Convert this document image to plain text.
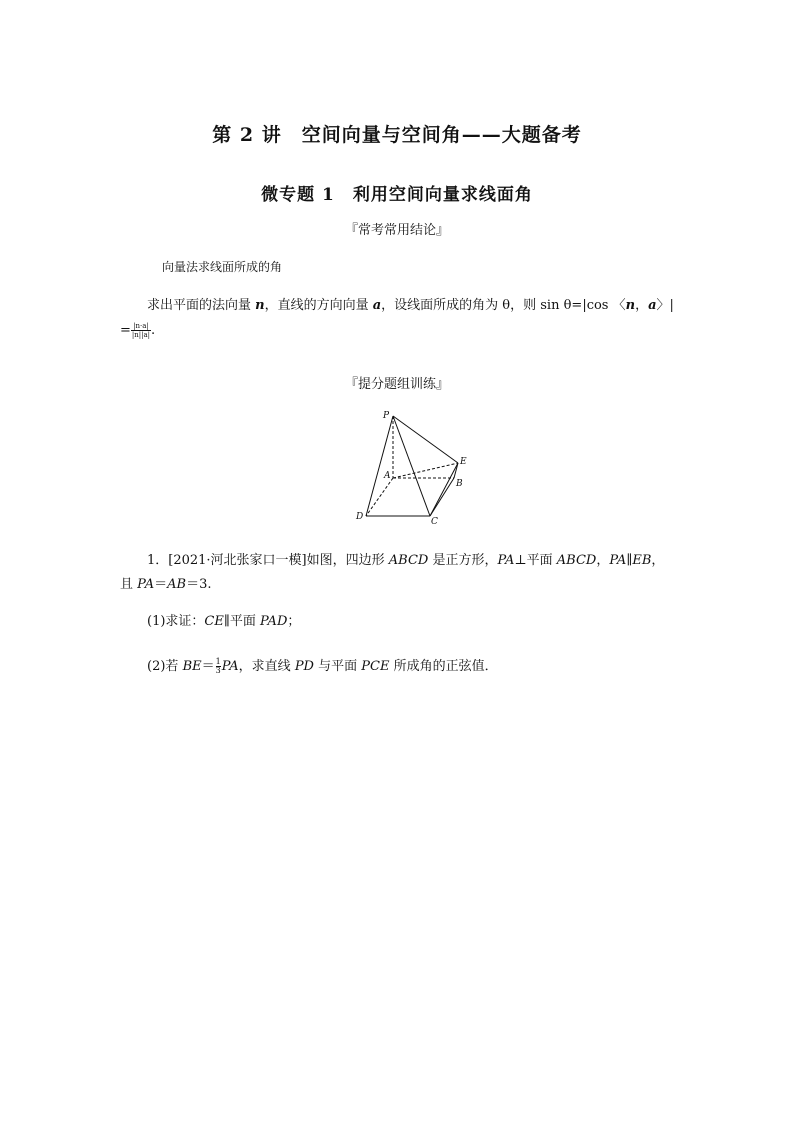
第 2 讲　空间向量与空间角——大题备考
微专题 1　利用空间向量求线面角
『常考常用结论』
向量法求线面所成的角
求出平面的法向量 n，直线的方向向量 a，设线面所成的角为 θ，则 sin θ=|cos 〈n，a〉|
= $\frac{|n\cdot a|}{|n||a|}$ .
『提分题组训练』
P
A
E
B
D	C
1．[2021·河北张家口一模]如图，四边形 ABCD 是正方形，PA⊥平面 ABCD，PA∥EB，
且 PA＝AB＝3.
(1)求证：CE∥平面 PAD；
(2)若 $BE= \frac{1}{3}$ PA，求直线 PD 与平面 PCE 所成角的正弦值．
